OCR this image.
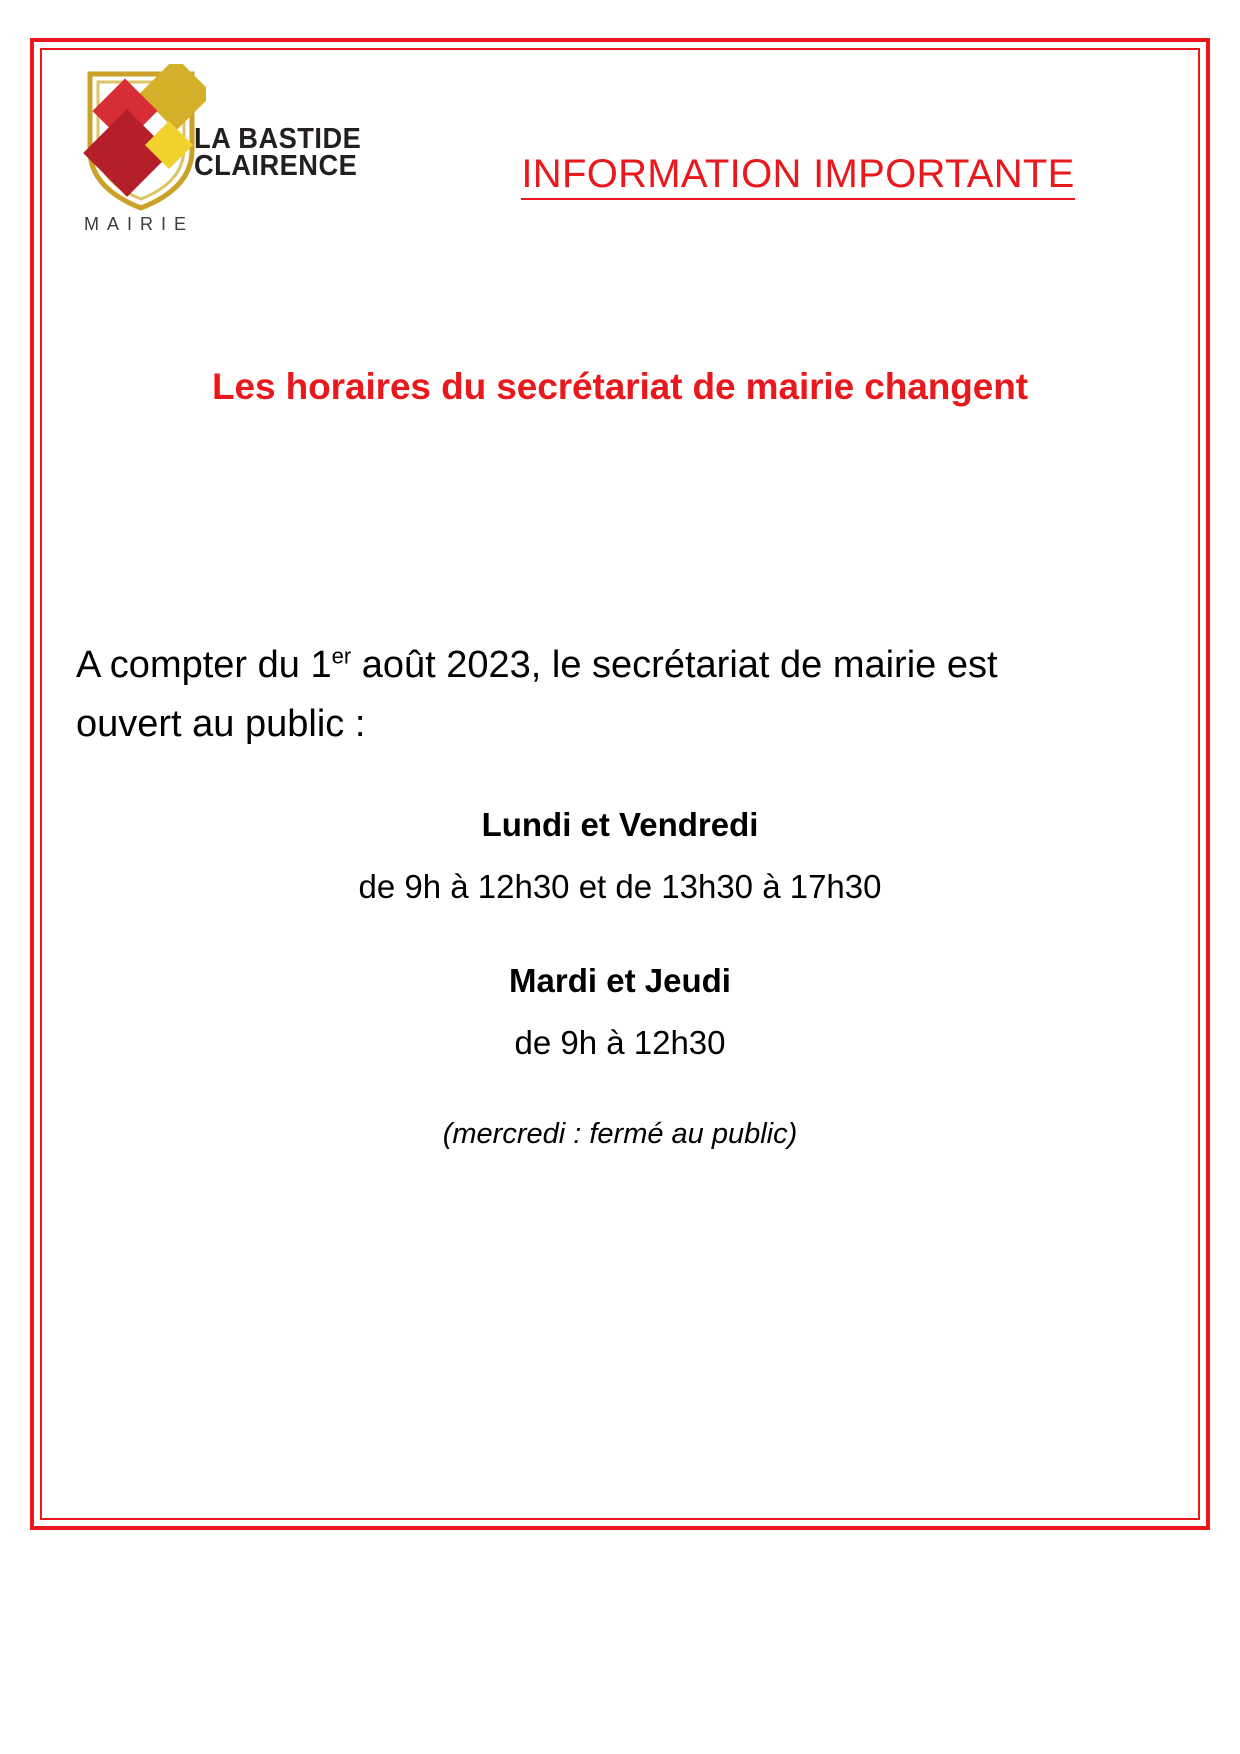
LA BASTIDE
CLAIRENCE
MAIRIE
INFORMATION IMPORTANTE
Les horaires du secrétariat de mairie changent

A compter du 1er août 2023, le secrétariat de mairie est ouvert au public :

Lundi et Vendredi
de 9h à 12h30 et de 13h30 à 17h30
Mardi et Jeudi
de 9h à 12h30
(mercredi : fermé au public)
